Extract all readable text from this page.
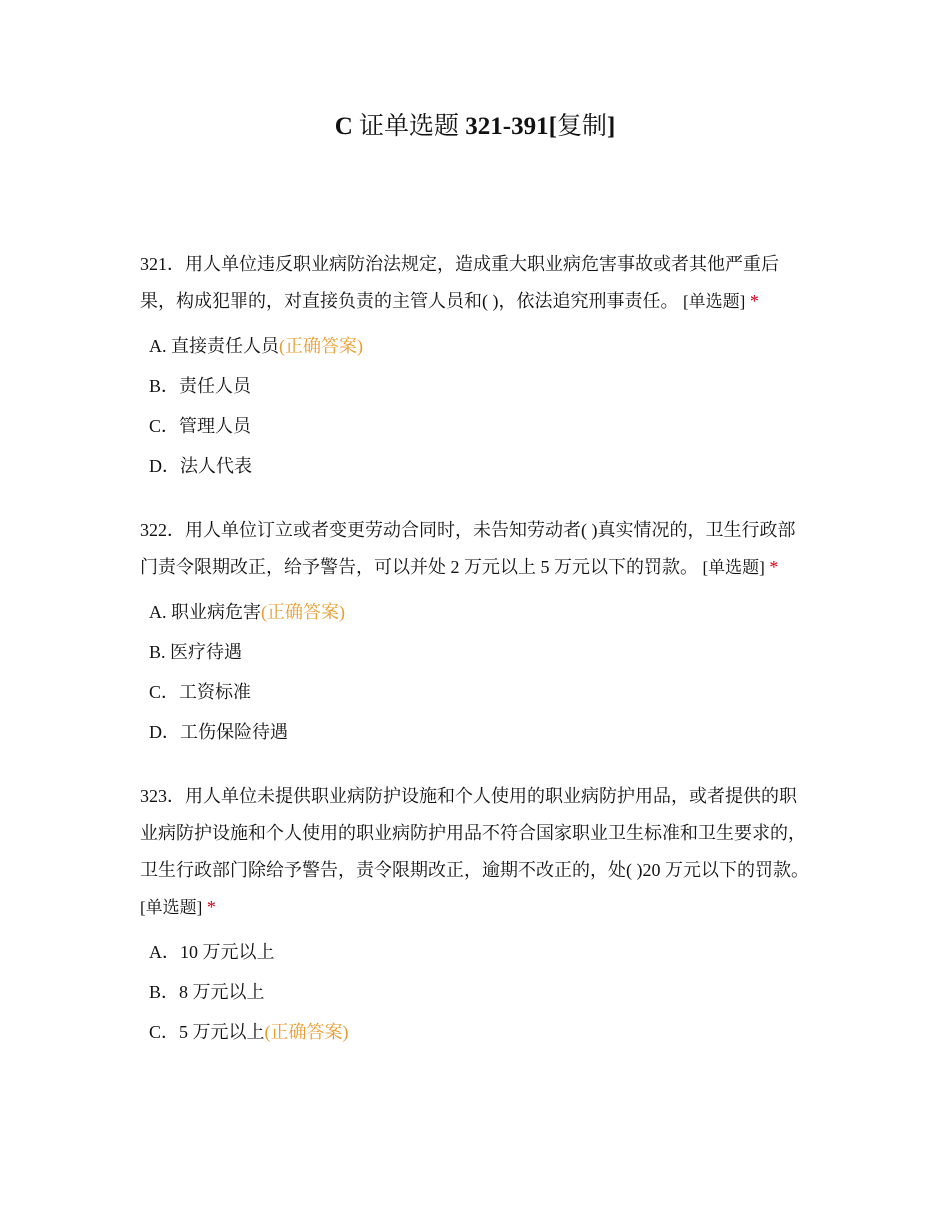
C 证单选题 321-391[复制]

321．用人单位违反职业病防治法规定，造成重大职业病危害事故或者其他严重后果，构成犯罪的，对直接负责的主管人员和( )，依法追究刑事责任。 [单选题] *

A. 直接责任人员(正确答案)
B．责任人员
C．管理人员
D．法人代表

322．用人单位订立或者变更劳动合同时，未告知劳动者( )真实情况的，卫生行政部门责令限期改正，给予警告，可以并处 2 万元以上 5 万元以下的罚款。 [单选题] *

A. 职业病危害(正确答案)
B. 医疗待遇
C．工资标准
D．工伤保险待遇

323．用人单位未提供职业病防护设施和个人使用的职业病防护用品，或者提供的职业病防护设施和个人使用的职业病防护用品不符合国家职业卫生标准和卫生要求的，卫生行政部门除给予警告，责令限期改正，逾期不改正的，处( )20 万元以下的罚款。 [单选题] *

A．10 万元以上
B．8 万元以上
C．5 万元以上(正确答案)
